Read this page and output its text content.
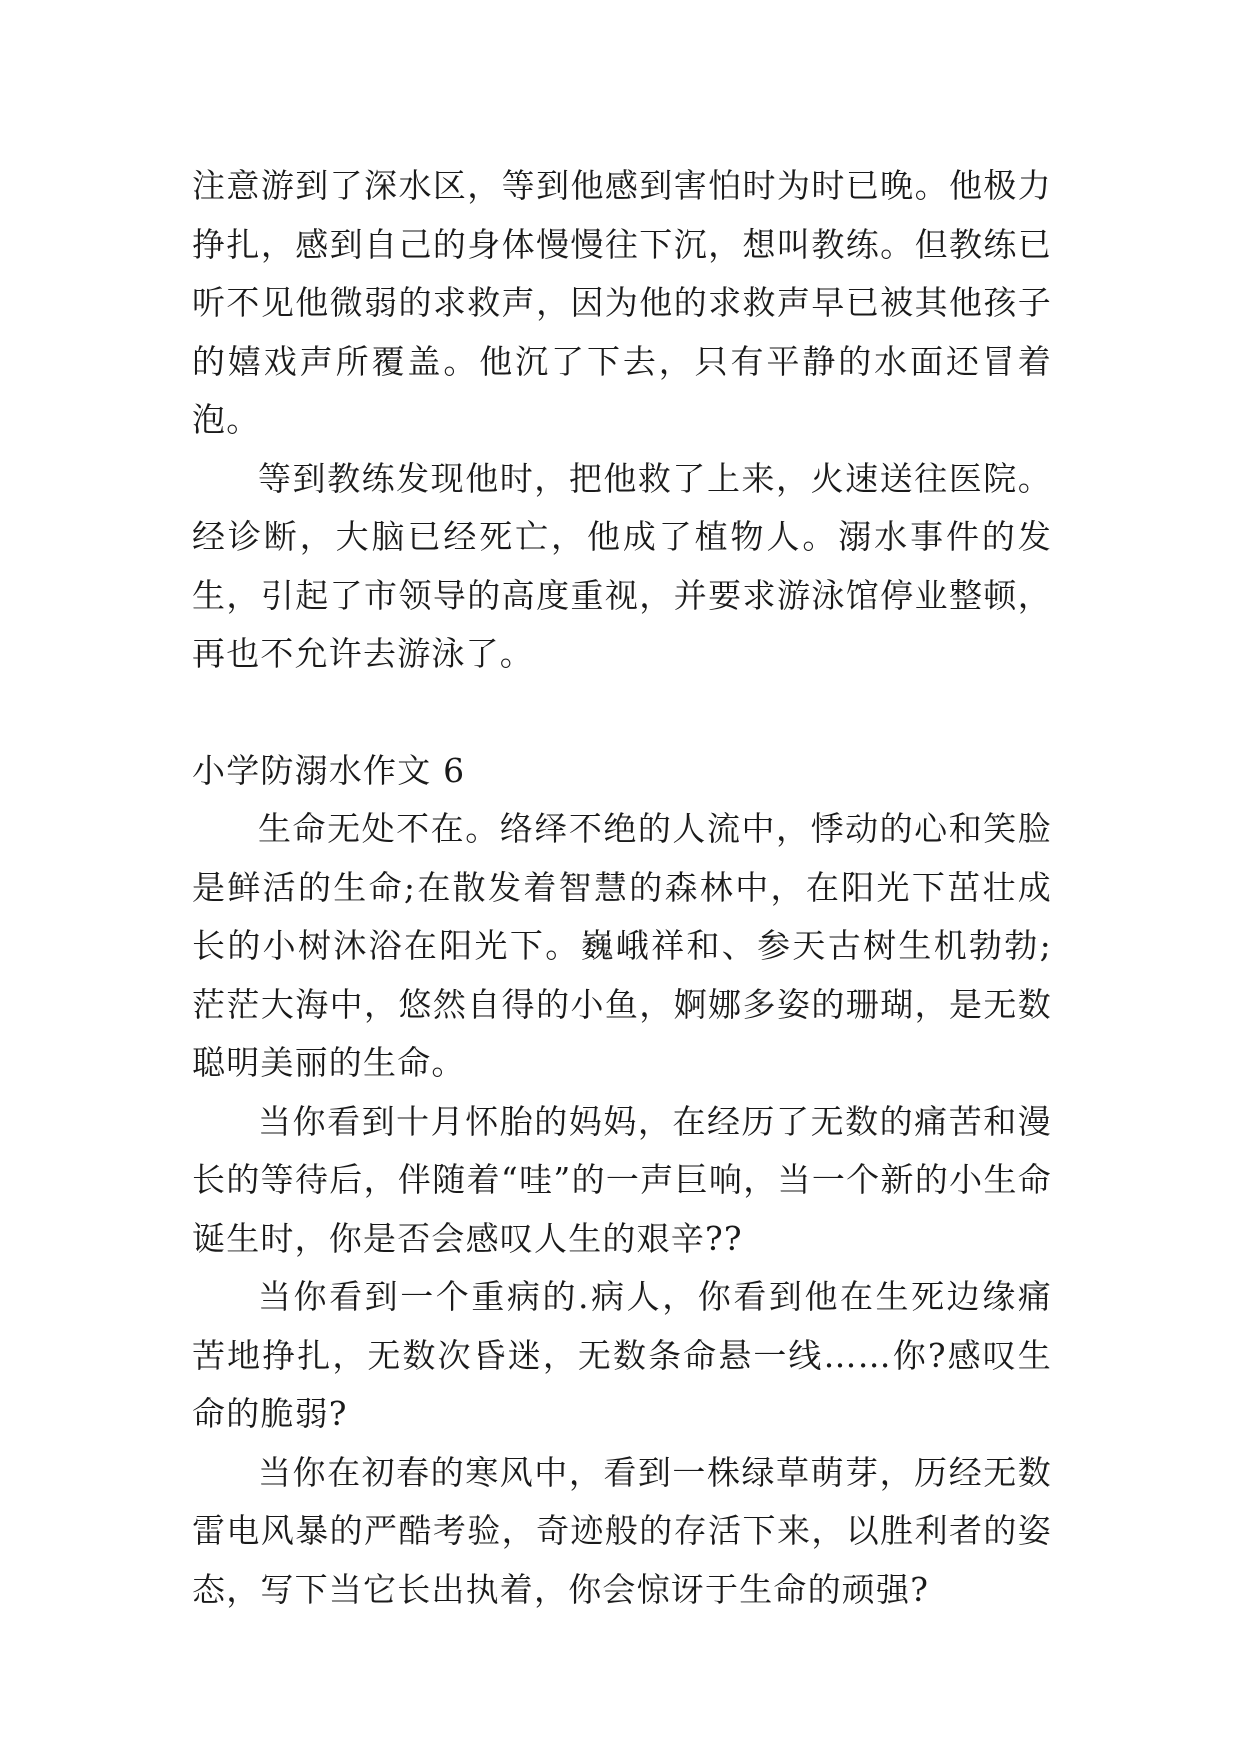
注意游到了深水区，等到他感到害怕时为时已晚。他极力挣扎，感到自己的身体慢慢往下沉，想叫教练。但教练已听不见他微弱的求救声，因为他的求救声早已被其他孩子的嬉戏声所覆盖。他沉了下去，只有平静的水面还冒着泡。

等到教练发现他时，把他救了上来，火速送往医院。经诊断，大脑已经死亡，他成了植物人。溺水事件的发生，引起了市领导的高度重视，并要求游泳馆停业整顿，再也不允许去游泳了。

小学防溺水作文 6

生命无处不在。络绎不绝的人流中，悸动的心和笑脸是鲜活的生命;在散发着智慧的森林中，在阳光下茁壮成长的小树沐浴在阳光下。巍峨祥和、参天古树生机勃勃;茫茫大海中，悠然自得的小鱼，婀娜多姿的珊瑚，是无数聪明美丽的生命。

当你看到十月怀胎的妈妈，在经历了无数的痛苦和漫长的等待后，伴随着“哇”的一声巨响，当一个新的小生命诞生时，你是否会感叹人生的艰辛??

当你看到一个重病的.病人，你看到他在生死边缘痛苦地挣扎，无数次昏迷，无数条命悬一线……你?感叹生命的脆弱?

当你在初春的寒风中，看到一株绿草萌芽，历经无数雷电风暴的严酷考验，奇迹般的存活下来，以胜利者的姿态，写下当它长出执着，你会惊讶于生命的顽强?
